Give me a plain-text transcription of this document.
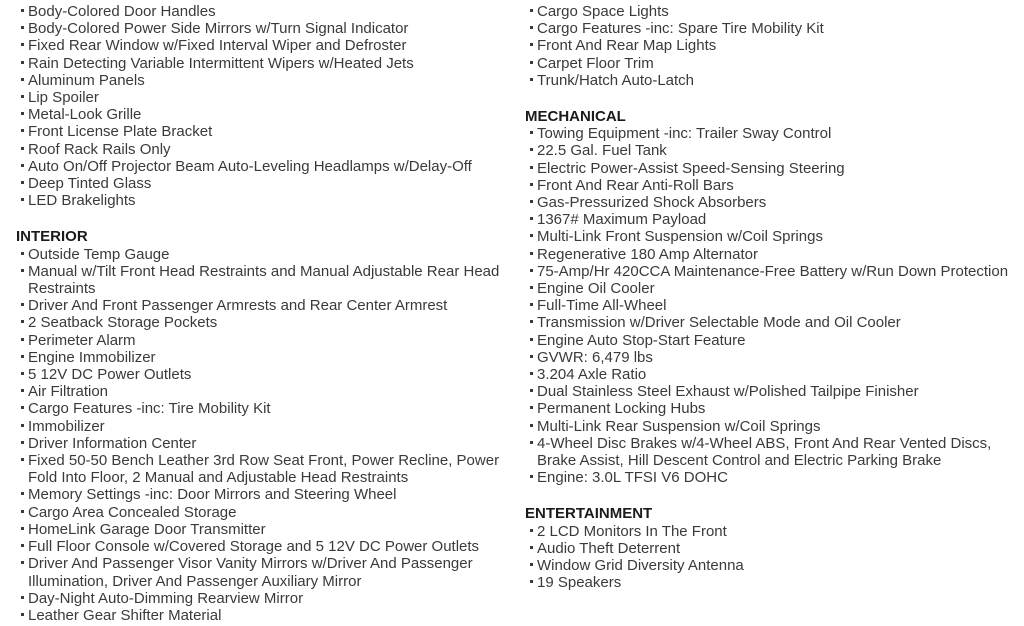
Body-Colored Door Handles
Body-Colored Power Side Mirrors w/Turn Signal Indicator
Fixed Rear Window w/Fixed Interval Wiper and Defroster
Rain Detecting Variable Intermittent Wipers w/Heated Jets
Aluminum Panels
Lip Spoiler
Metal-Look Grille
Front License Plate Bracket
Roof Rack Rails Only
Auto On/Off Projector Beam Auto-Leveling Headlamps w/Delay-Off
Deep Tinted Glass
LED Brakelights
INTERIOR
Outside Temp Gauge
Manual w/Tilt Front Head Restraints and Manual Adjustable Rear Head Restraints
Driver And Front Passenger Armrests and Rear Center Armrest
2 Seatback Storage Pockets
Perimeter Alarm
Engine Immobilizer
5 12V DC Power Outlets
Air Filtration
Cargo Features -inc: Tire Mobility Kit
Immobilizer
Driver Information Center
Fixed 50-50 Bench Leather 3rd Row Seat Front, Power Recline, Power Fold Into Floor, 2 Manual and Adjustable Head Restraints
Memory Settings -inc: Door Mirrors and Steering Wheel
Cargo Area Concealed Storage
HomeLink Garage Door Transmitter
Full Floor Console w/Covered Storage and 5 12V DC Power Outlets
Driver And Passenger Visor Vanity Mirrors w/Driver And Passenger Illumination, Driver And Passenger Auxiliary Mirror
Day-Night Auto-Dimming Rearview Mirror
Leather Gear Shifter Material
Cargo Space Lights
Cargo Features -inc: Spare Tire Mobility Kit
Front And Rear Map Lights
Carpet Floor Trim
Trunk/Hatch Auto-Latch
MECHANICAL
Towing Equipment -inc: Trailer Sway Control
22.5 Gal. Fuel Tank
Electric Power-Assist Speed-Sensing Steering
Front And Rear Anti-Roll Bars
Gas-Pressurized Shock Absorbers
1367# Maximum Payload
Multi-Link Front Suspension w/Coil Springs
Regenerative 180 Amp Alternator
75-Amp/Hr 420CCA Maintenance-Free Battery w/Run Down Protection
Engine Oil Cooler
Full-Time All-Wheel
Transmission w/Driver Selectable Mode and Oil Cooler
Engine Auto Stop-Start Feature
GVWR: 6,479 lbs
3.204 Axle Ratio
Dual Stainless Steel Exhaust w/Polished Tailpipe Finisher
Permanent Locking Hubs
Multi-Link Rear Suspension w/Coil Springs
4-Wheel Disc Brakes w/4-Wheel ABS, Front And Rear Vented Discs, Brake Assist, Hill Descent Control and Electric Parking Brake
Engine: 3.0L TFSI V6 DOHC
ENTERTAINMENT
2 LCD Monitors In The Front
Audio Theft Deterrent
Window Grid Diversity Antenna
19 Speakers
